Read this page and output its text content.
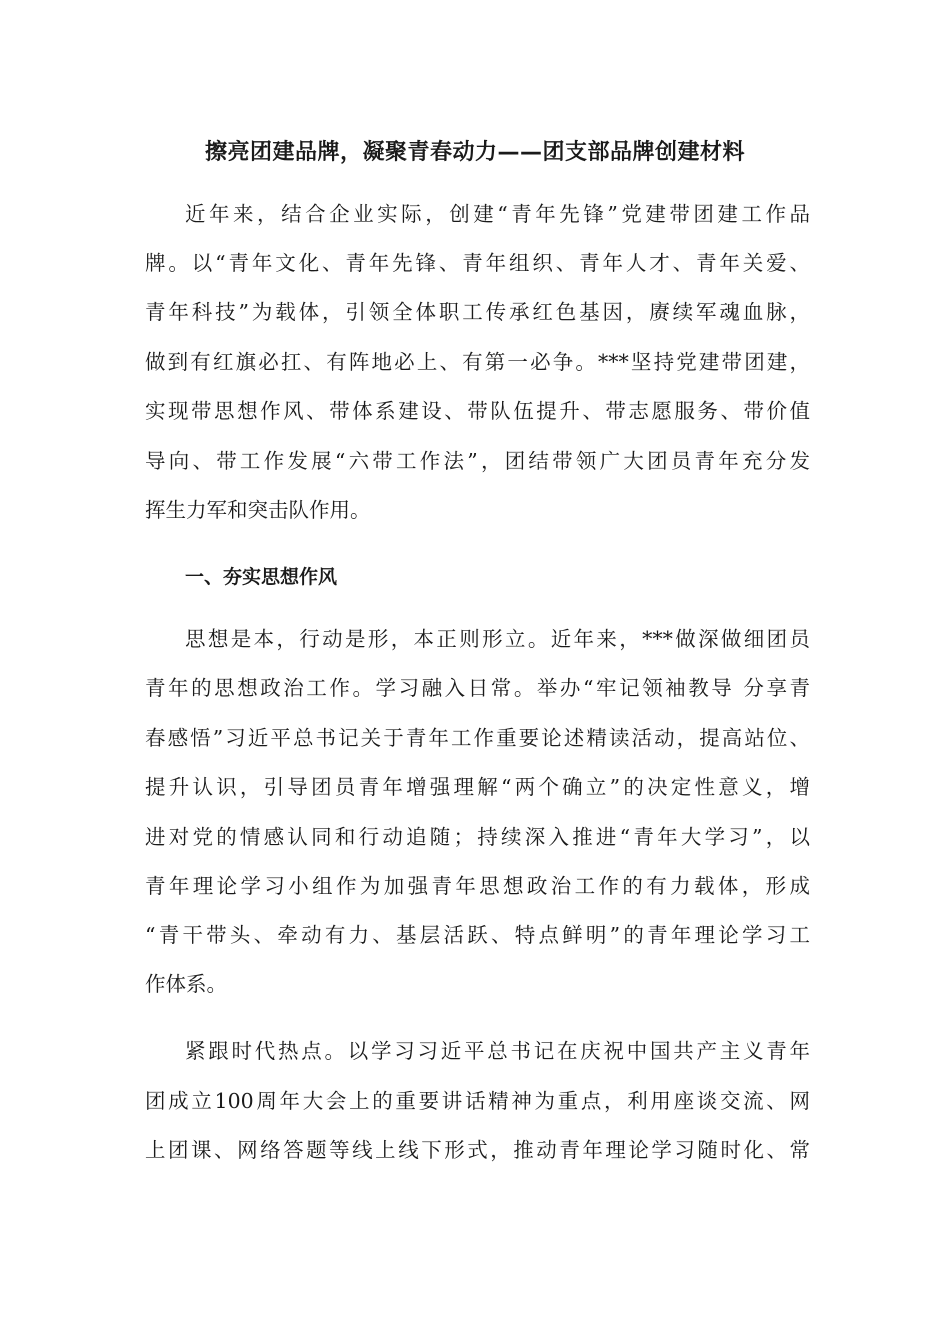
擦亮团建品牌，凝聚青春动力——团支部品牌创建材料
近年来，结合企业实际，创建“青年先锋”党建带团建工作品
牌。以“青年文化、青年先锋、青年组织、青年人才、青年关爱、
青年科技”为载体，引领全体职工传承红色基因，赓续军魂血脉，
做到有红旗必扛、有阵地必上、有第一必争。***坚持党建带团建，
实现带思想作风、带体系建设、带队伍提升、带志愿服务、带价值
导向、带工作发展“六带工作法”，团结带领广大团员青年充分发
挥生力军和突击队作用。
一、夯实思想作风
思想是本，行动是形，本正则形立。近年来，***做深做细团员
青年的思想政治工作。学习融入日常。举办“牢记领袖教导 分享青
春感悟”习近平总书记关于青年工作重要论述精读活动，提高站位、
提升认识，引导团员青年增强理解“两个确立”的决定性意义，增
进对党的情感认同和行动追随；持续深入推进“青年大学习”，以
青年理论学习小组作为加强青年思想政治工作的有力载体，形成
“青干带头、牵动有力、基层活跃、特点鲜明”的青年理论学习工
作体系。
紧跟时代热点。以学习习近平总书记在庆祝中国共产主义青年
团成立100周年大会上的重要讲话精神为重点，利用座谈交流、网
上团课、网络答题等线上线下形式，推动青年理论学习随时化、常
